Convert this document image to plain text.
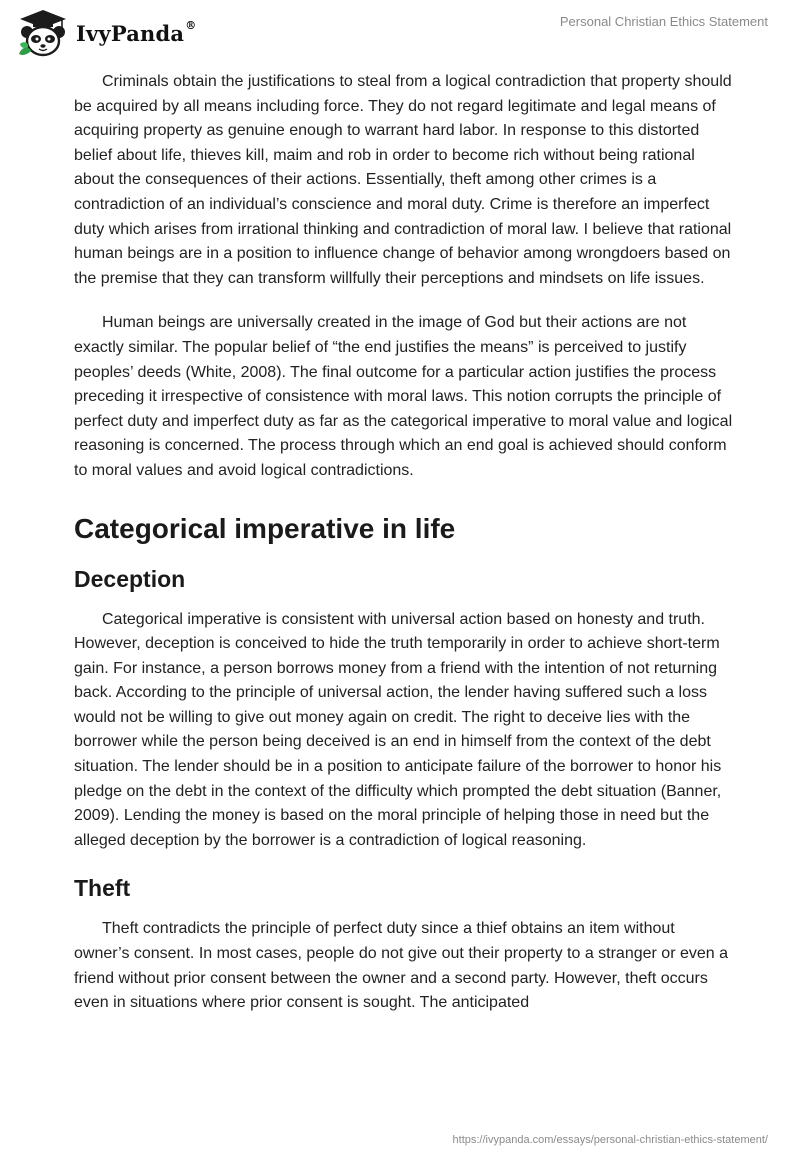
IvyPanda®	Personal Christian Ethics Statement

Criminals obtain the justifications to steal from a logical contradiction that property should be acquired by all means including force. They do not regard legitimate and legal means of acquiring property as genuine enough to warrant hard labor. In response to this distorted belief about life, thieves kill, maim and rob in order to become rich without being rational about the consequences of their actions. Essentially, theft among other crimes is a contradiction of an individual’s conscience and moral duty. Crime is therefore an imperfect duty which arises from irrational thinking and contradiction of moral law. I believe that rational human beings are in a position to influence change of behavior among wrongdoers based on the premise that they can transform willfully their perceptions and mindsets on life issues.

Human beings are universally created in the image of God but their actions are not exactly similar. The popular belief of “the end justifies the means” is perceived to justify peoples’ deeds (White, 2008). The final outcome for a particular action justifies the process preceding it irrespective of consistence with moral laws. This notion corrupts the principle of perfect duty and imperfect duty as far as the categorical imperative to moral value and logical reasoning is concerned. The process through which an end goal is achieved should conform to moral values and avoid logical contradictions.

Categorical imperative in life
Deception

Categorical imperative is consistent with universal action based on honesty and truth. However, deception is conceived to hide the truth temporarily in order to achieve short-term gain. For instance, a person borrows money from a friend with the intention of not returning back. According to the principle of universal action, the lender having suffered such a loss would not be willing to give out money again on credit. The right to deceive lies with the borrower while the person being deceived is an end in himself from the context of the debt situation. The lender should be in a position to anticipate failure of the borrower to honor his pledge on the debt in the context of the difficulty which prompted the debt situation (Banner, 2009). Lending the money is based on the moral principle of helping those in need but the alleged deception by the borrower is a contradiction of logical reasoning.

Theft

Theft contradicts the principle of perfect duty since a thief obtains an item without owner’s consent. In most cases, people do not give out their property to a stranger or even a friend without prior consent between the owner and a second party. However, theft occurs even in situations where prior consent is sought. The anticipated

https://ivypanda.com/essays/personal-christian-ethics-statement/
